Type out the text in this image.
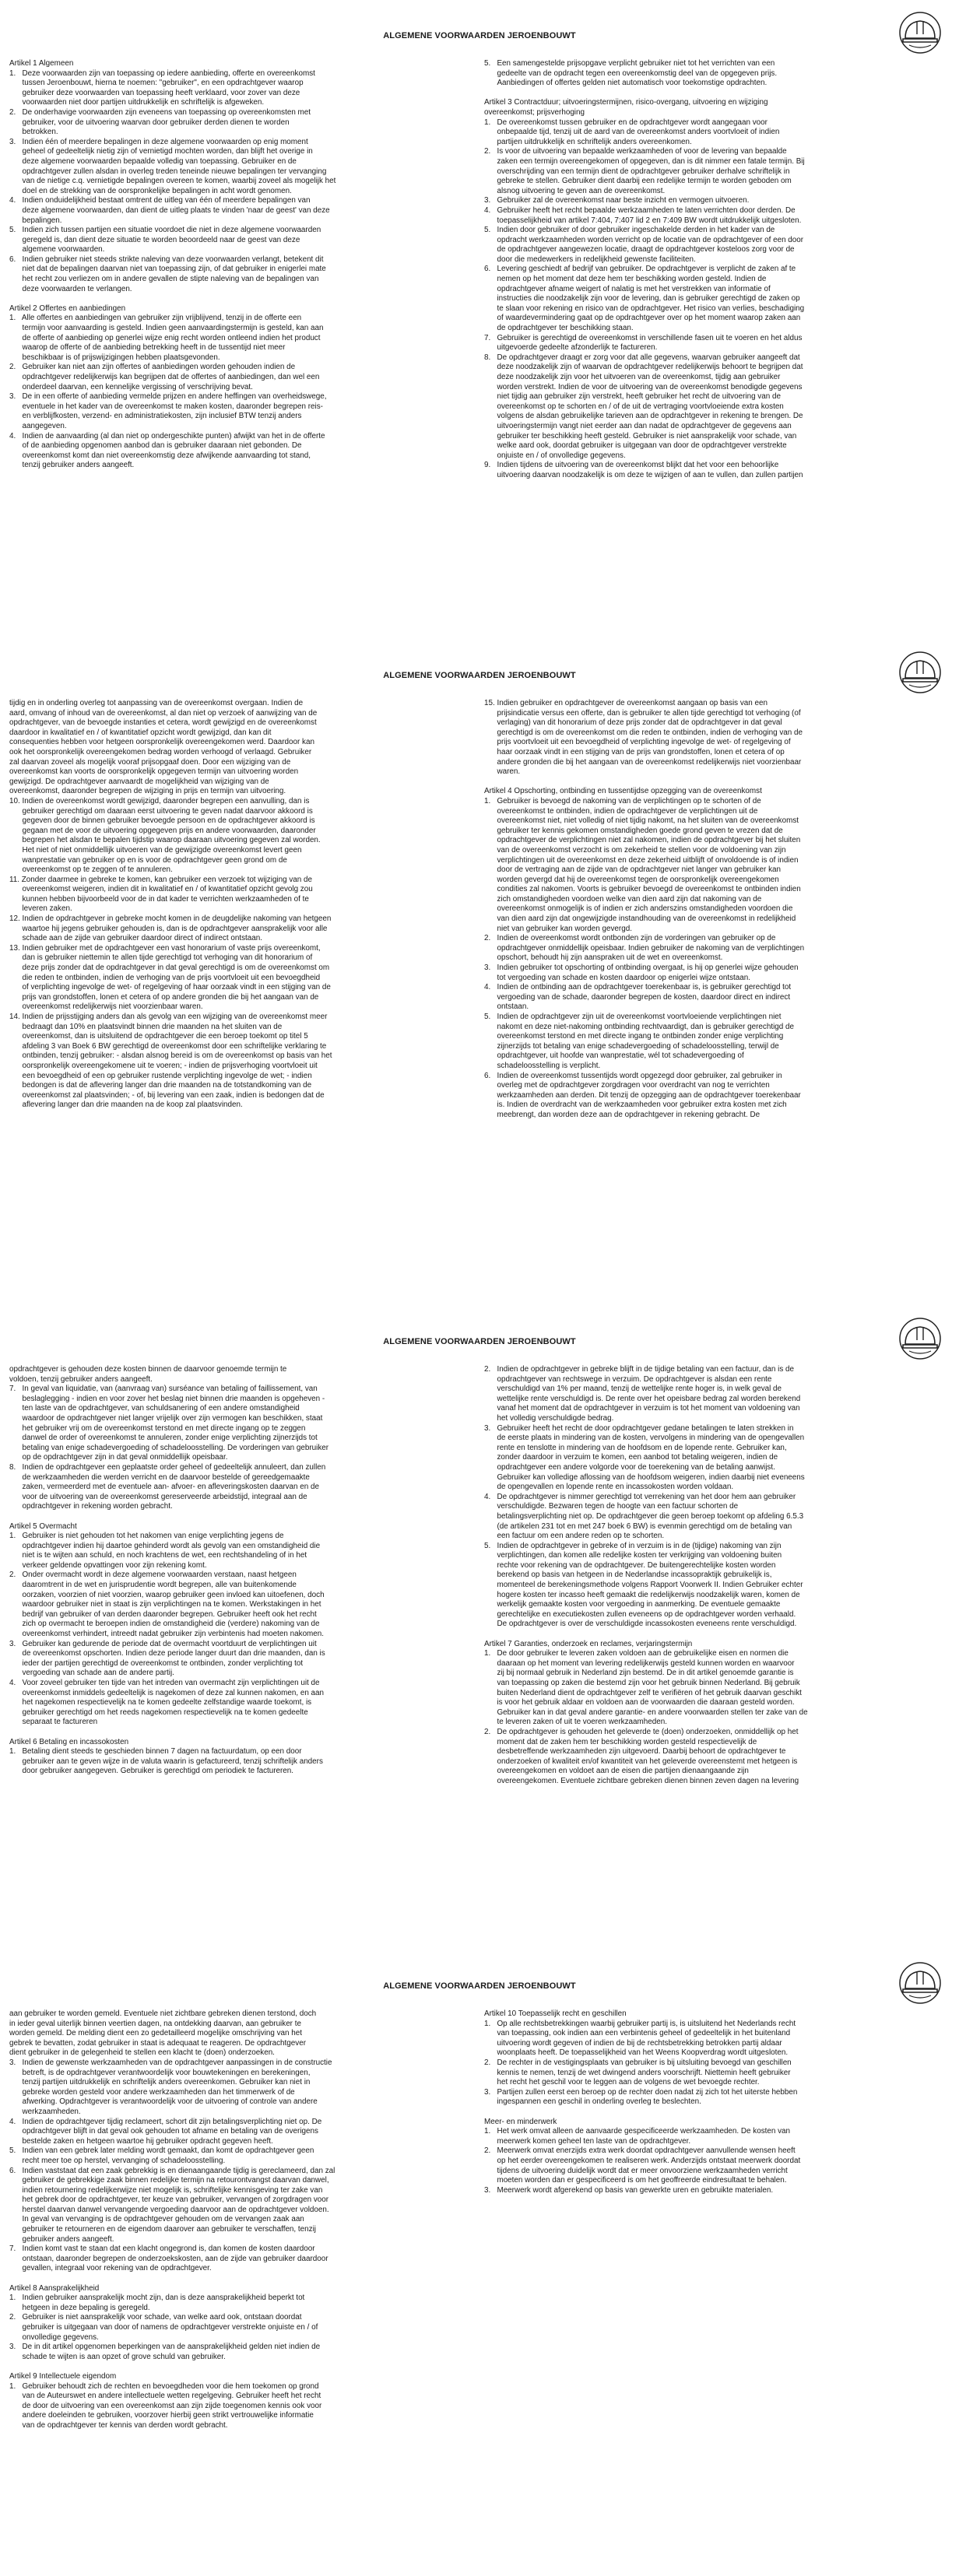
ALGEMENE VOORWAARDEN JEROENBOUWT
Artikel 1 Algemeen
1.   Deze voorwaarden zijn van toepassing op iedere aanbieding, offerte en overeenkomst
tussen Jeroenbouwt, hierna te noemen: "gebruiker", en een opdrachtgever waarop
gebruiker deze voorwaarden van toepassing heeft verklaard, voor zover van deze
voorwaarden niet door partijen uitdrukkelijk en schriftelijk is afgeweken.
2.   De onderhavige voorwaarden zijn eveneens van toepassing op overeenkomsten met
gebruiker, voor de uitvoering waarvan door gebruiker derden dienen te worden
betrokken.
3.   Indien één of meerdere bepalingen in deze algemene voorwaarden op enig moment
geheel of gedeeltelijk nietig zijn of vernietigd mochten worden, dan blijft het overige in
deze algemene voorwaarden bepaalde volledig van toepassing. Gebruiker en de
opdrachtgever zullen alsdan in overleg treden teneinde nieuwe bepalingen ter vervanging
van de nietige c.q. vernietigde bepalingen overeen te komen, waarbij zoveel als mogelijk het
doel en de strekking van de oorspronkelijke bepalingen in acht wordt genomen.
4.   Indien onduidelijkheid bestaat omtrent de uitleg van één of meerdere bepalingen van
deze algemene voorwaarden, dan dient de uitleg plaats te vinden 'naar de geest' van deze
bepalingen.
5.   Indien zich tussen partijen een situatie voordoet die niet in deze algemene voorwaarden
geregeld is, dan dient deze situatie te worden beoordeeld naar de geest van deze
algemene voorwaarden.
6.   Indien gebruiker niet steeds strikte naleving van deze voorwaarden verlangt, betekent dit
niet dat de bepalingen daarvan niet van toepassing zijn, of dat gebruiker in enigerlei mate
het recht zou verliezen om in andere gevallen de stipte naleving van de bepalingen van
deze voorwaarden te verlangen.

Artikel 2 Offertes en aanbiedingen
1.   Alle offertes en aanbiedingen van gebruiker zijn vrijblijvend, tenzij in de offerte een
termijn voor aanvaarding is gesteld. Indien geen aanvaardingstermijn is gesteld, kan aan
de offerte of aanbieding op generlei wijze enig recht worden ontleend indien het product
waarop de offerte of de aanbieding betrekking heeft in de tussentijd niet meer
beschikbaar is of prijswijzigingen hebben plaatsgevonden.
2.   Gebruiker kan niet aan zijn offertes of aanbiedingen worden gehouden indien de
opdrachtgever redelijkerwijs kan begrijpen dat de offertes of aanbiedingen, dan wel een
onderdeel daarvan, een kennelijke vergissing of verschrijving bevat.
3.   De in een offerte of aanbieding vermelde prijzen en andere heffingen van overheidswege,
eventuele in het kader van de overeenkomst te maken kosten, daaronder begrepen reis-
en verblijfkosten, verzend- en administratiekosten, zijn inclusief BTW tenzij anders
aangegeven.
4.   Indien de aanvaarding (al dan niet op ondergeschikte punten) afwijkt van het in de offerte
of de aanbieding opgenomen aanbod dan is gebruiker daaraan niet gebonden. De
overeenkomst komt dan niet overeenkomstig deze afwijkende aanvaarding tot stand,
tenzij gebruiker anders aangeeft.
5.   Een samengestelde prijsopgave verplicht gebruiker niet tot het verrichten van een
gedeelte van de opdracht tegen een overeenkomstig deel van de opgegeven prijs.
Aanbiedingen of offertes gelden niet automatisch voor toekomstige opdrachten.

Artikel 3 Contractduur; uitvoeringstermijnen, risico-overgang, uitvoering en wijziging
overeenkomst; prijsverhoging
1.   De overeenkomst tussen gebruiker en de opdrachtgever wordt aangegaan voor
onbepaalde tijd, tenzij uit de aard van de overeenkomst anders voortvloeit of indien
partijen uitdrukkelijk en schriftelijk anders overeenkomen.
2.   Is voor de uitvoering van bepaalde werkzaamheden of voor de levering van bepaalde
zaken een termijn overeengekomen of opgegeven, dan is dit nimmer een fatale termijn. Bij
overschrijding van een termijn dient de opdrachtgever gebruiker derhalve schriftelijk in
gebreke te stellen. Gebruiker dient daarbij een redelijke termijn te worden geboden om
alsnog uitvoering te geven aan de overeenkomst.
3.   Gebruiker zal de overeenkomst naar beste inzicht en vermogen uitvoeren.
4.   Gebruiker heeft het recht bepaalde werkzaamheden te laten verrichten door derden. De
toepasselijkheid van artikel 7:404, 7:407 lid 2 en 7:409 BW wordt uitdrukkelijk uitgesloten.
5.   Indien door gebruiker of door gebruiker ingeschakelde derden in het kader van de
opdracht werkzaamheden worden verricht op de locatie van de opdrachtgever of een door
de opdrachtgever aangewezen locatie, draagt de opdrachtgever kosteloos zorg voor de
door die medewerkers in redelijkheid gewenste faciliteiten.
6.   Levering geschiedt af bedrijf van gebruiker. De opdrachtgever is verplicht de zaken af te
nemen op het moment dat deze hem ter beschikking worden gesteld. Indien de
opdrachtgever afname weigert of nalatig is met het verstrekken van informatie of
instructies die noodzakelijk zijn voor de levering, dan is gebruiker gerechtigd de zaken op
te slaan voor rekening en risico van de opdrachtgever. Het risico van verlies, beschadiging
of waardevermindering gaat op de opdrachtgever over op het moment waarop zaken aan
de opdrachtgever ter beschikking staan.
7.   Gebruiker is gerechtigd de overeenkomst in verschillende fasen uit te voeren en het aldus
uitgevoerde gedeelte afzonderlijk te factureren.
8.   De opdrachtgever draagt er zorg voor dat alle gegevens, waarvan gebruiker aangeeft dat
deze noodzakelijk zijn of waarvan de opdrachtgever redelijkerwijs behoort te begrijpen dat
deze noodzakelijk zijn voor het uitvoeren van de overeenkomst, tijdig aan gebruiker
worden verstrekt. Indien de voor de uitvoering van de overeenkomst benodigde gegevens
niet tijdig aan gebruiker zijn verstrekt, heeft gebruiker het recht de uitvoering van de
overeenkomst op te schorten en / of de uit de vertraging voortvloeiende extra kosten
volgens de alsdan gebruikelijke tarieven aan de opdrachtgever in rekening te brengen. De
uitvoeringstermijn vangt niet eerder aan dan nadat de opdrachtgever de gegevens aan
gebruiker ter beschikking heeft gesteld. Gebruiker is niet aansprakelijk voor schade, van
welke aard ook, doordat gebruiker is uitgegaan van door de opdrachtgever verstrekte
onjuiste en / of onvolledige gegevens.
9.   Indien tijdens de uitvoering van de overeenkomst blijkt dat het voor een behoorlijke
uitvoering daarvan noodzakelijk is om deze te wijzigen of aan te vullen, dan zullen partijen
ALGEMENE VOORWAARDEN JEROENBOUWT
tijdig en in onderling overleg tot aanpassing van de overeenkomst overgaan. Indien de
aard, omvang of inhoud van de overeenkomst, al dan niet op verzoek of aanwijzing van de
opdrachtgever, van de bevoegde instanties et cetera, wordt gewijzigd en de overeenkomst
daardoor in kwalitatief en / of kwantitatief opzicht wordt gewijzigd, dan kan dit
consequenties hebben voor hetgeen oorspronkelijk overeengekomen werd. Daardoor kan
ook het oorspronkelijk overeengekomen bedrag worden verhoogd of verlaagd. Gebruiker
zal daarvan zoveel als mogelijk vooraf prijsopgaaf doen. Door een wijziging van de
overeenkomst kan voorts de oorspronkelijk opgegeven termijn van uitvoering worden
gewijzigd. De opdrachtgever aanvaardt de mogelijkheid van wijziging van de
overeenkomst, daaronder begrepen de wijziging in prijs en termijn van uitvoering.
10. Indien de overeenkomst wordt gewijzigd, daaronder begrepen een aanvulling, dan is
gebruiker gerechtigd om daaraan eerst uitvoering te geven nadat daarvoor akkoord is
gegeven door de binnen gebruiker bevoegde persoon en de opdrachtgever akkoord is
gegaan met de voor de uitvoering opgegeven prijs en andere voorwaarden, daaronder
begrepen het alsdan te bepalen tijdstip waarop daaraan uitvoering gegeven zal worden.
Het niet of niet onmiddellijk uitvoeren van de gewijzigde overeenkomst levert geen
wanprestatie van gebruiker op en is voor de opdrachtgever geen grond om de
overeenkomst op te zeggen of te annuleren.
11. Zonder daarmee in gebreke te komen, kan gebruiker een verzoek tot wijziging van de
overeenkomst weigeren, indien dit in kwalitatief en / of kwantitatief opzicht gevolg zou
kunnen hebben bijvoorbeeld voor de in dat kader te verrichten werkzaamheden of te
leveren zaken.
12. Indien de opdrachtgever in gebreke mocht komen in de deugdelijke nakoming van hetgeen
waartoe hij jegens gebruiker gehouden is, dan is de opdrachtgever aansprakelijk voor alle
schade aan de zijde van gebruiker daardoor direct of indirect ontstaan.
13. Indien gebruiker met de opdrachtgever een vast honorarium of vaste prijs overeenkomt,
dan is gebruiker niettemin te allen tijde gerechtigd tot verhoging van dit honorarium of
deze prijs zonder dat de opdrachtgever in dat geval gerechtigd is om de overeenkomst om
die reden te ontbinden, indien de verhoging van de prijs voortvloeit uit een bevoegdheid
of verplichting ingevolge de wet- of regelgeving of haar oorzaak vindt in een stijging van de
prijs van grondstoffen, lonen et cetera of op andere gronden die bij het aangaan van de
overeenkomst redelijkerwijs niet voorzienbaar waren.
14. Indien de prijsstijging anders dan als gevolg van een wijziging van de overeenkomst meer
bedraagt dan 10% en plaatsvindt binnen drie maanden na het sluiten van de
overeenkomst, dan is uitsluitend de opdrachtgever die een beroep toekomt op titel 5
afdeling 3 van Boek 6 BW gerechtigd de overeenkomst door een schriftelijke verklaring te
ontbinden, tenzij gebruiker: - alsdan alsnog bereid is om de overeenkomst op basis van het
oorspronkelijk overeengekomene uit te voeren; - indien de prijsverhoging voortvloeit uit
een bevoegdheid of een op gebruiker rustende verplichting ingevolge de wet; - indien
bedongen is dat de aflevering langer dan drie maanden na de totstandkoming van de
overeenkomst zal plaatsvinden; - of, bij levering van een zaak, indien is bedongen dat de
aflevering langer dan drie maanden na de koop zal plaatsvinden.
15. Indien gebruiker en opdrachtgever de overeenkomst aangaan op basis van een
prijsindicatie versus een offerte, dan is gebruiker te allen tijde gerechtigd tot verhoging (of
verlaging) van dit honorarium of deze prijs zonder dat de opdrachtgever in dat geval
gerechtigd is om de overeenkomst om die reden te ontbinden, indien de verhoging van de
prijs voortvloeit uit een bevoegdheid of verplichting ingevolge de wet- of regelgeving of
haar oorzaak vindt in een stijging van de prijs van grondstoffen, lonen et cetera of op
andere gronden die bij het aangaan van de overeenkomst redelijkerwijs niet voorzienbaar
waren.

Artikel 4 Opschorting, ontbinding en tussentijdse opzegging van de overeenkomst
1.   Gebruiker is bevoegd de nakoming van de verplichtingen op te schorten of de
overeenkomst te ontbinden, indien de opdrachtgever de verplichtingen uit de
overeenkomst niet, niet volledig of niet tijdig nakomt, na het sluiten van de overeenkomst
gebruiker ter kennis gekomen omstandigheden goede grond geven te vrezen dat de
opdrachtgever de verplichtingen niet zal nakomen, indien de opdrachtgever bij het sluiten
van de overeenkomst verzocht is om zekerheid te stellen voor de voldoening van zijn
verplichtingen uit de overeenkomst en deze zekerheid uitblijft of onvoldoende is of indien
door de vertraging aan de zijde van de opdrachtgever niet langer van gebruiker kan
worden gevergd dat hij de overeenkomst tegen de oorspronkelijk overeengekomen
condities zal nakomen. Voorts is gebruiker bevoegd de overeenkomst te ontbinden indien
zich omstandigheden voordoen welke van dien aard zijn dat nakoming van de
overeenkomst onmogelijk is of indien er zich anderszins omstandigheden voordoen die
van dien aard zijn dat ongewijzigde instandhouding van de overeenkomst in redelijkheid
niet van gebruiker kan worden gevergd.
2.   Indien de overeenkomst wordt ontbonden zijn de vorderingen van gebruiker op de
opdrachtgever onmiddellijk opeisbaar. Indien gebruiker de nakoming van de verplichtingen
opschort, behoudt hij zijn aanspraken uit de wet en overeenkomst.
3.   Indien gebruiker tot opschorting of ontbinding overgaat, is hij op generlei wijze gehouden
tot vergoeding van schade en kosten daardoor op enigerlei wijze ontstaan.
4.   Indien de ontbinding aan de opdrachtgever toerekenbaar is, is gebruiker gerechtigd tot
vergoeding van de schade, daaronder begrepen de kosten, daardoor direct en indirect
ontstaan.
5.   Indien de opdrachtgever zijn uit de overeenkomst voortvloeiende verplichtingen niet
nakomt en deze niet-nakoming ontbinding rechtvaardigt, dan is gebruiker gerechtigd de
overeenkomst terstond en met directe ingang te ontbinden zonder enige verplichting
zijnerzijds tot betaling van enige schadevergoeding of schadeloosstelling, terwijl de
opdrachtgever, uit hoofde van wanprestatie, wél tot schadevergoeding of
schadeloosstelling is verplicht.
6.   Indien de overeenkomst tussentijds wordt opgezegd door gebruiker, zal gebruiker in
overleg met de opdrachtgever zorgdragen voor overdracht van nog te verrichten
werkzaamheden aan derden. Dit tenzij de opzegging aan de opdrachtgever toerekenbaar
is. Indien de overdracht van de werkzaamheden voor gebruiker extra kosten met zich
meebrengt, dan worden deze aan de opdrachtgever in rekening gebracht. De
ALGEMENE VOORWAARDEN JEROENBOUWT
opdrachtgever is gehouden deze kosten binnen de daarvoor genoemde termijn te
voldoen, tenzij gebruiker anders aangeeft.
7.   In geval van liquidatie, van (aanvraag van) surséance van betaling of faillissement, van
beslaglegging - indien en voor zover het beslag niet binnen drie maanden is opgeheven -
ten laste van de opdrachtgever, van schuldsanering of een andere omstandigheid
waardoor de opdrachtgever niet langer vrijelijk over zijn vermogen kan beschikken, staat
het gebruiker vrij om de overeenkomst terstond en met directe ingang op te zeggen
danwel de order of overeenkomst te annuleren, zonder enige verplichting zijnerzijds tot
betaling van enige schadevergoeding of schadeloosstelling. De vorderingen van gebruiker
op de opdrachtgever zijn in dat geval onmiddellijk opeisbaar.
8.   Indien de opdrachtgever een geplaatste order geheel of gedeeltelijk annuleert, dan zullen
de werkzaamheden die werden verricht en de daarvoor bestelde of gereedgemaakte
zaken, vermeerderd met de eventuele aan- afvoer- en afleveringskosten daarvan en de
voor de uitvoering van de overeenkomst gereserveerde arbeidstijd, integraal aan de
opdrachtgever in rekening worden gebracht.

Artikel 5 Overmacht
1.   Gebruiker is niet gehouden tot het nakomen van enige verplichting jegens de
opdrachtgever indien hij daartoe gehinderd wordt als gevolg van een omstandigheid die
niet is te wijten aan schuld, en noch krachtens de wet, een rechtshandeling of in het
verkeer geldende opvattingen voor zijn rekening komt.
2.   Onder overmacht wordt in deze algemene voorwaarden verstaan, naast hetgeen
daaromtrent in de wet en jurisprudentie wordt begrepen, alle van buitenkomende
oorzaken, voorzien of niet voorzien, waarop gebruiker geen invloed kan uitoefenen, doch
waardoor gebruiker niet in staat is zijn verplichtingen na te komen. Werkstakingen in het
bedrijf van gebruiker of van derden daaronder begrepen. Gebruiker heeft ook het recht
zich op overmacht te beroepen indien de omstandigheid die (verdere) nakoming van de
overeenkomst verhindert, intreedt nadat gebruiker zijn verbintenis had moeten nakomen.
3.   Gebruiker kan gedurende de periode dat de overmacht voortduurt de verplichtingen uit
de overeenkomst opschorten. Indien deze periode langer duurt dan drie maanden, dan is
ieder der partijen gerechtigd de overeenkomst te ontbinden, zonder verplichting tot
vergoeding van schade aan de andere partij.
4.   Voor zoveel gebruiker ten tijde van het intreden van overmacht zijn verplichtingen uit de
overeenkomst inmiddels gedeeltelijk is nagekomen of deze zal kunnen nakomen, en aan
het nagekomen respectievelijk na te komen gedeelte zelfstandige waarde toekomt, is
gebruiker gerechtigd om het reeds nagekomen respectievelijk na te komen gedeelte
separaat te factureren

Artikel 6 Betaling en incassokosten
1.   Betaling dient steeds te geschieden binnen 7 dagen na factuurdatum, op een door
gebruiker aan te geven wijze in de valuta waarin is gefactureerd, tenzij schriftelijk anders
door gebruiker aangegeven. Gebruiker is gerechtigd om periodiek te factureren.
2.   Indien de opdrachtgever in gebreke blijft in de tijdige betaling van een factuur, dan is de
opdrachtgever van rechtswege in verzuim. De opdrachtgever is alsdan een rente
verschuldigd van 1% per maand, tenzij de wettelijke rente hoger is, in welk geval de
wettelijke rente verschuldigd is. De rente over het opeisbare bedrag zal worden berekend
vanaf het moment dat de opdrachtgever in verzuim is tot het moment van voldoening van
het volledig verschuldigde bedrag.
3.   Gebruiker heeft het recht de door opdrachtgever gedane betalingen te laten strekken in
de eerste plaats in mindering van de kosten, vervolgens in mindering van de opengevallen
rente en tenslotte in mindering van de hoofdsom en de lopende rente. Gebruiker kan,
zonder daardoor in verzuim te komen, een aanbod tot betaling weigeren, indien de
opdrachtgever een andere volgorde voor de toerekening van de betaling aanwijst.
Gebruiker kan volledige aflossing van de hoofdsom weigeren, indien daarbij niet eveneens
de opengevallen en lopende rente en incassokosten worden voldaan.
4.   De opdrachtgever is nimmer gerechtigd tot verrekening van het door hem aan gebruiker
verschuldigde. Bezwaren tegen de hoogte van een factuur schorten de
betalingsverplichting niet op. De opdrachtgever die geen beroep toekomt op afdeling 6.5.3
(de artikelen 231 tot en met 247 boek 6 BW) is evenmin gerechtigd om de betaling van
een factuur om een andere reden op te schorten.
5.   Indien de opdrachtgever in gebreke of in verzuim is in de (tijdige) nakoming van zijn
verplichtingen, dan komen alle redelijke kosten ter verkrijging van voldoening buiten
rechte voor rekening van de opdrachtgever. De buitengerechtelijke kosten worden
berekend op basis van hetgeen in de Nederlandse incassopraktijk gebruikelijk is,
momenteel de berekeningsmethode volgens Rapport Voorwerk II. Indien Gebruiker echter
hogere kosten ter incasso heeft gemaakt die redelijkerwijs noodzakelijk waren, komen de
werkelijk gemaakte kosten voor vergoeding in aanmerking. De eventuele gemaakte
gerechtelijke en executiekosten zullen eveneens op de opdrachtgever worden verhaald.
De opdrachtgever is over de verschuldigde incassokosten eveneens rente verschuldigd.

Artikel 7 Garanties, onderzoek en reclames, verjaringstermijn
1.   De door gebruiker te leveren zaken voldoen aan de gebruikelijke eisen en normen die
daaraan op het moment van levering redelijkerwijs gesteld kunnen worden en waarvoor
zij bij normaal gebruik in Nederland zijn bestemd. De in dit artikel genoemde garantie is
van toepassing op zaken die bestemd zijn voor het gebruik binnen Nederland. Bij gebruik
buiten Nederland dient de opdrachtgever zelf te verifiëren of het gebruik daarvan geschikt
is voor het gebruik aldaar en voldoen aan de voorwaarden die daaraan gesteld worden.
Gebruiker kan in dat geval andere garantie- en andere voorwaarden stellen ter zake van de
te leveren zaken of uit te voeren werkzaamheden.
2.   De opdrachtgever is gehouden het geleverde te (doen) onderzoeken, onmiddellijk op het
moment dat de zaken hem ter beschikking worden gesteld respectievelijk de
desbetreffende werkzaamheden zijn uitgevoerd. Daarbij behoort de opdrachtgever te
onderzoeken of kwaliteit en/of kwantiteit van het geleverde overeenstemt met hetgeen is
overeengekomen en voldoet aan de eisen die partijen dienaangaande zijn
overeengekomen. Eventuele zichtbare gebreken dienen binnen zeven dagen na levering
ALGEMENE VOORWAARDEN JEROENBOUWT
aan gebruiker te worden gemeld. Eventuele niet zichtbare gebreken dienen terstond, doch
in ieder geval uiterlijk binnen veertien dagen, na ontdekking daarvan, aan gebruiker te
worden gemeld. De melding dient een zo gedetailleerd mogelijke omschrijving van het
gebrek te bevatten, zodat gebruiker in staat is adequaat te reageren. De opdrachtgever
dient gebruiker in de gelegenheid te stellen een klacht te (doen) onderzoeken.
3.   Indien de gewenste werkzaamheden van de opdrachtgever aanpassingen in de constructie
betreft, is de opdrachtgever verantwoordelijk voor bouwtekeningen en berekeningen,
tenzij partijen uitdrukkelijk en schriftelijk anders overeenkomen. Gebruiker kan niet in
gebreke worden gesteld voor andere werkzaamheden dan het timmerwerk of de
afwerking. Opdrachtgever is verantwoordelijk voor de uitvoering of controle van andere
werkzaamheden.
4.   Indien de opdrachtgever tijdig reclameert, schort dit zijn betalingsverplichting niet op. De
opdrachtgever blijft in dat geval ook gehouden tot afname en betaling van de overigens
bestelde zaken en hetgeen waartoe hij gebruiker opdracht gegeven heeft.
5.   Indien van een gebrek later melding wordt gemaakt, dan komt de opdrachtgever geen
recht meer toe op herstel, vervanging of schadeloosstelling.
6.   Indien vaststaat dat een zaak gebrekkig is en dienaangaande tijdig is gereclameerd, dan zal
gebruiker de gebrekkige zaak binnen redelijke termijn na retourontvangst daarvan danwel,
indien retournering redelijkerwijze niet mogelijk is, schriftelijke kennisgeving ter zake van
het gebrek door de opdrachtgever, ter keuze van gebruiker, vervangen of zorgdragen voor
herstel daarvan danwel vervangende vergoeding daarvoor aan de opdrachtgever voldoen.
In geval van vervanging is de opdrachtgever gehouden om de vervangen zaak aan
gebruiker te retourneren en de eigendom daarover aan gebruiker te verschaffen, tenzij
gebruiker anders aangeeft.
7.   Indien komt vast te staan dat een klacht ongegrond is, dan komen de kosten daardoor
ontstaan, daaronder begrepen de onderzoekskosten, aan de zijde van gebruiker daardoor
gevallen, integraal voor rekening van de opdrachtgever.

Artikel 8 Aansprakelijkheid
1.   Indien gebruiker aansprakelijk mocht zijn, dan is deze aansprakelijkheid beperkt tot
hetgeen in deze bepaling is geregeld.
2.   Gebruiker is niet aansprakelijk voor schade, van welke aard ook, ontstaan doordat
gebruiker is uitgegaan van door of namens de opdrachtgever verstrekte onjuiste en / of
onvolledige gegevens.
3.   De in dit artikel opgenomen beperkingen van de aansprakelijkheid gelden niet indien de
schade te wijten is aan opzet of grove schuld van gebruiker.

Artikel 9 Intellectuele eigendom
1.   Gebruiker behoudt zich de rechten en bevoegdheden voor die hem toekomen op grond
van de Auteurswet en andere intellectuele wetten regelgeving. Gebruiker heeft het recht
de door de uitvoering van een overeenkomst aan zijn zijde toegenomen kennis ook voor
andere doeleinden te gebruiken, voorzover hierbij geen strikt vertrouwelijke informatie
van de opdrachtgever ter kennis van derden wordt gebracht.
Artikel 10 Toepasselijk recht en geschillen
1.   Op alle rechtsbetrekkingen waarbij gebruiker partij is, is uitsluitend het Nederlands recht
van toepassing, ook indien aan een verbintenis geheel of gedeeltelijk in het buitenland
uitvoering wordt gegeven of indien de bij de rechtsbetrekking betrokken partij aldaar
woonplaats heeft. De toepasselijkheid van het Weens Koopverdrag wordt uitgesloten.
2.   De rechter in de vestigingsplaats van gebruiker is bij uitsluiting bevoegd van geschillen
kennis te nemen, tenzij de wet dwingend anders voorschrijft. Niettemin heeft gebruiker
het recht het geschil voor te leggen aan de volgens de wet bevoegde rechter.
3.   Partijen zullen eerst een beroep op de rechter doen nadat zij zich tot het uiterste hebben
ingespannen een geschil in onderling overleg te beslechten.

Meer- en minderwerk
1.   Het werk omvat alleen de aanvaarde gespecificeerde werkzaamheden. De kosten van
meerwerk komen geheel ten laste van de opdrachtgever.
2.   Meerwerk omvat enerzijds extra werk doordat opdrachtgever aanvullende wensen heeft
op het eerder overeengekomen te realiseren werk. Anderzijds ontstaat meerwerk doordat
tijdens de uitvoering duidelijk wordt dat er meer onvoorziene werkzaamheden verricht
moeten worden dan er gespecificeerd is om het geoffreerde eindresultaat te behalen.
3.   Meerwerk wordt afgerekend op basis van gewerkte uren en gebruikte materialen.
